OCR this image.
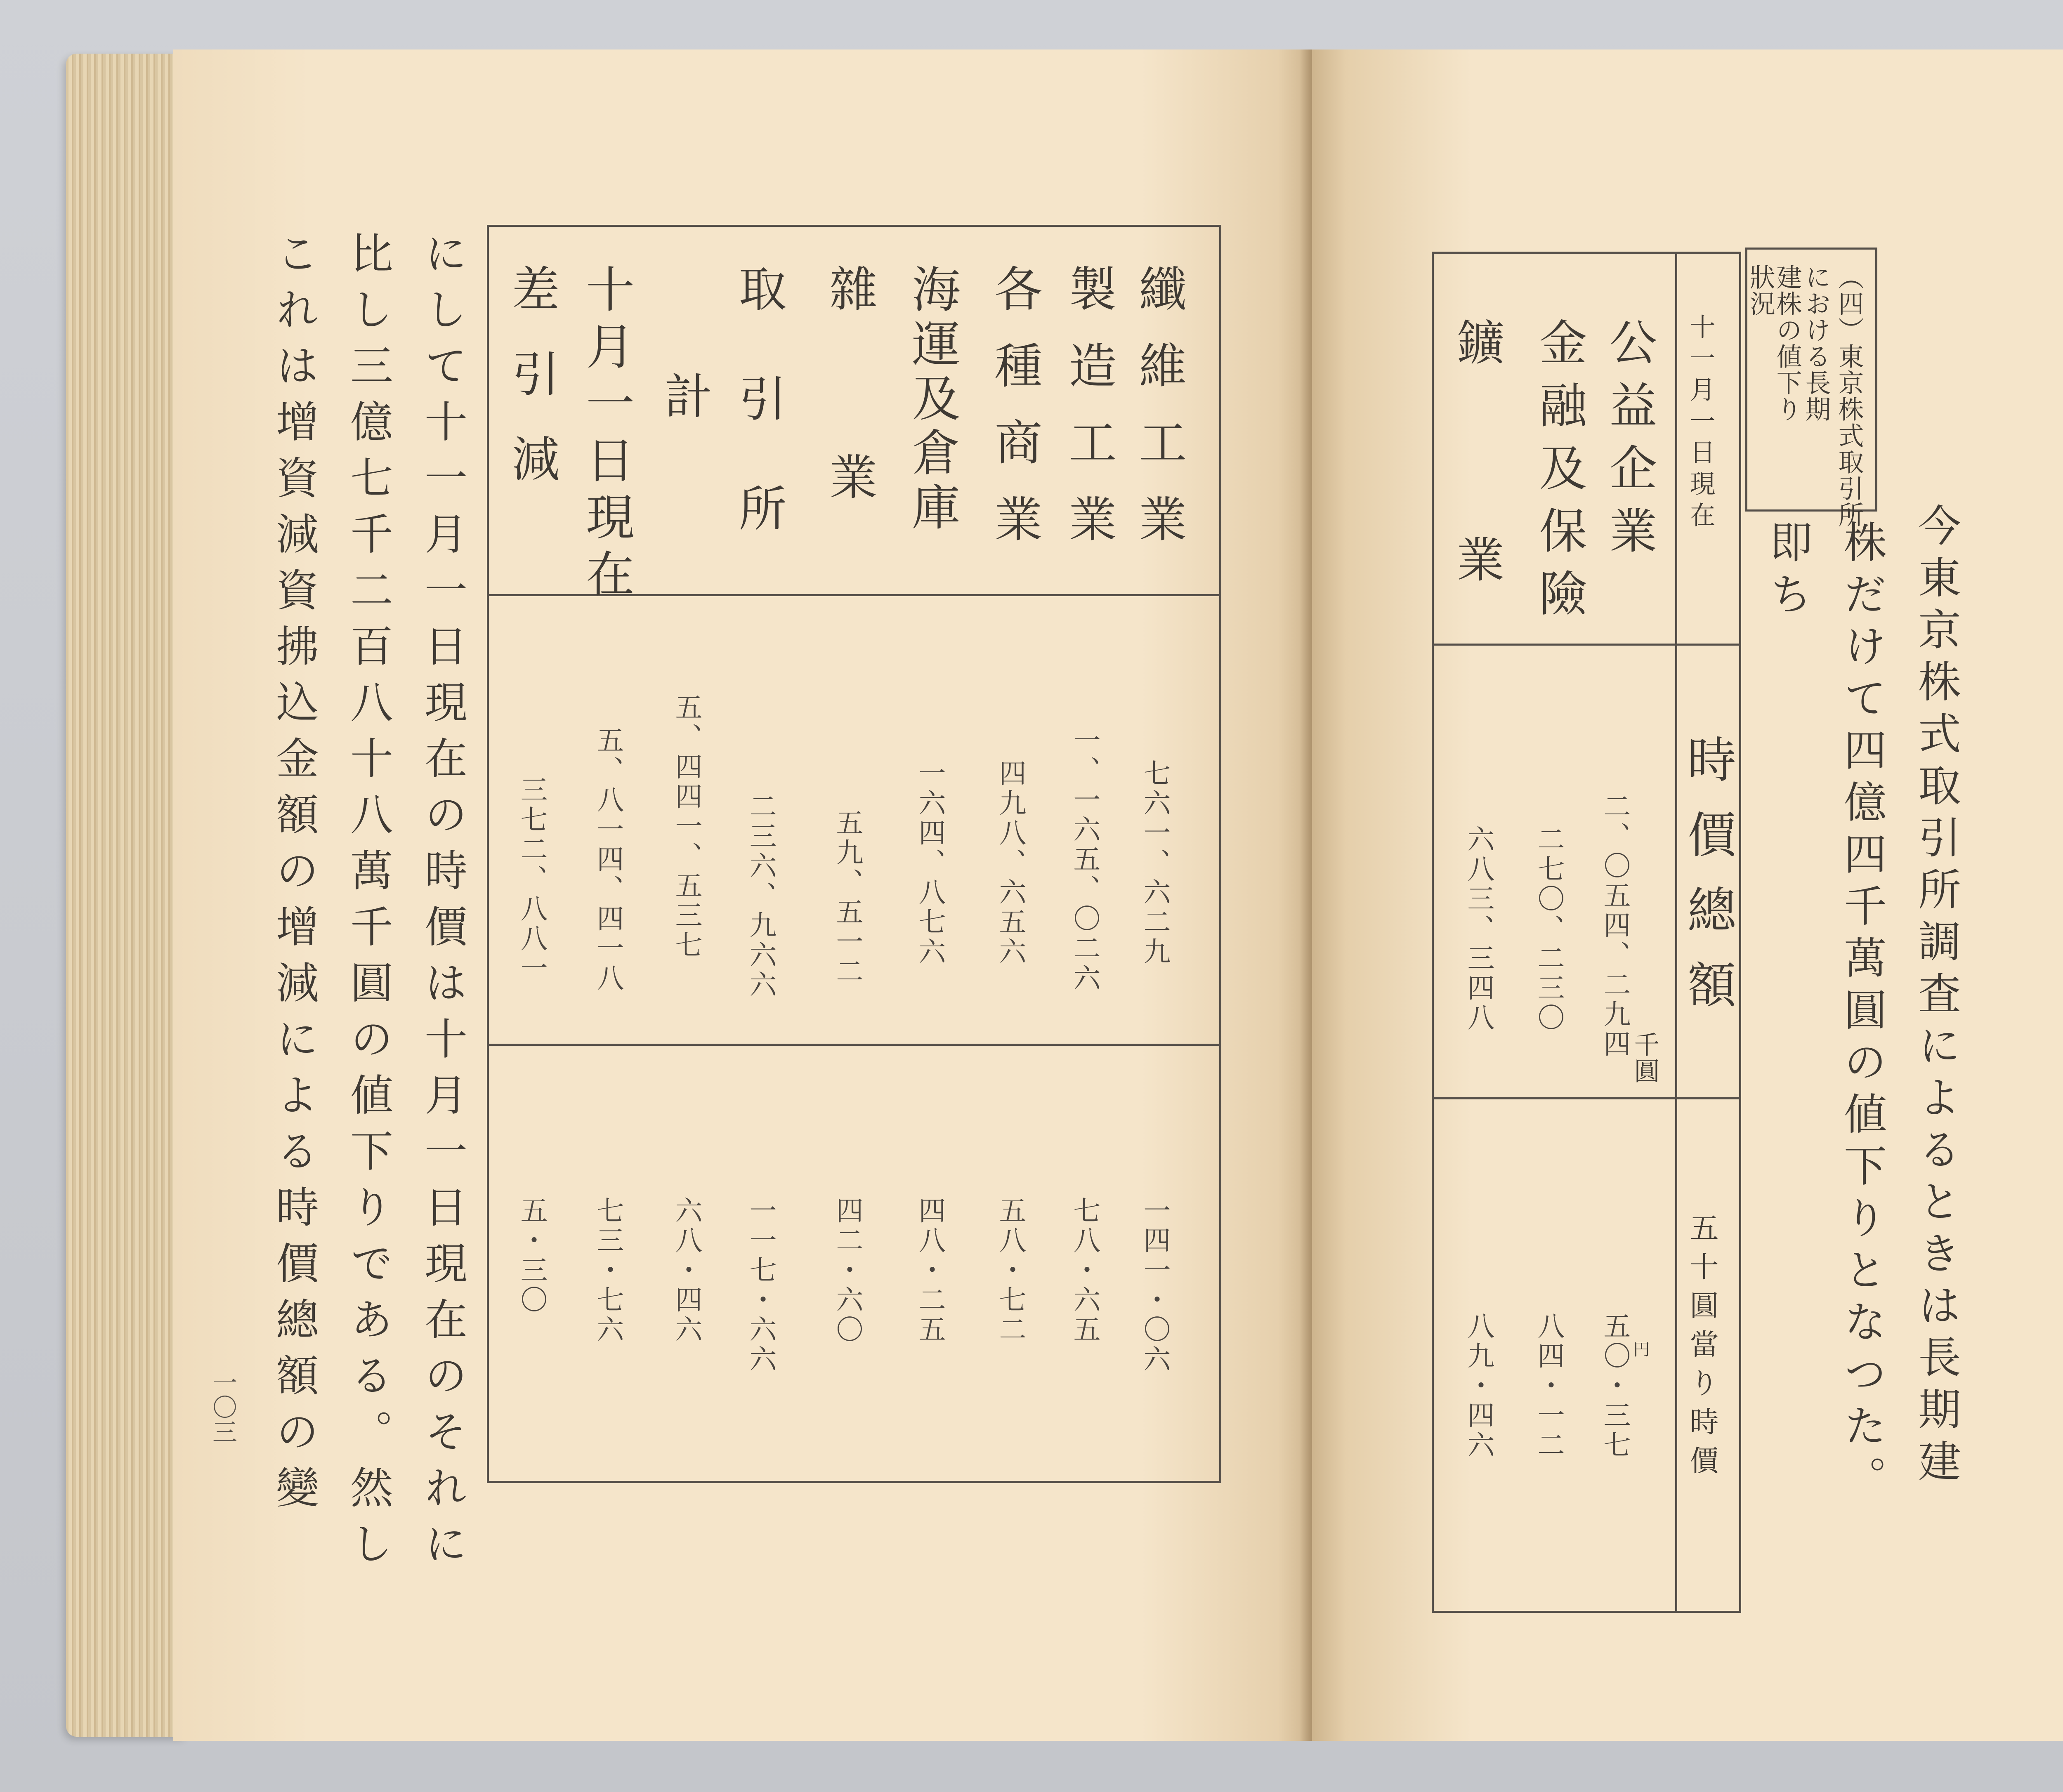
纖維工業
製造工業
各種商業
海運及倉庫
雜業
取引所
計
十月一日現在
差引減
七六一、六二九
一、一六五、〇二六
四九八、六五六
一六四、八七六
五九、五一二
二三六、九六六
五、四四一、五三七
五、八一四、四一八
三七二、八八一
一四一・〇六
七八・六五
五八・七二
四八・二五
四二・六〇
一一七・六六
六八・四六
七三・七六
五・三〇
にして十一月一日現在の時價は十月一日現在のそれに
比し三億七千二百八十八萬千圓の値下りである。然し
これは增資減資拂込金額の增減による時價總額の變
一〇三	今東京株式取引所調査によるときは長期建
株だけて四億四千萬圓の値下りとなつた。
即ち
（四）東京株式取引所
における長期
建株の値下り
狀況
十一月一日現在
公益企業
金融及保險
鑛業
時價總額
千圓
二、〇五四、二九四
二七〇、二三〇
六八三、三四八
五十圓當り時價
円
五〇・三七
八四・一二
八九・四六
